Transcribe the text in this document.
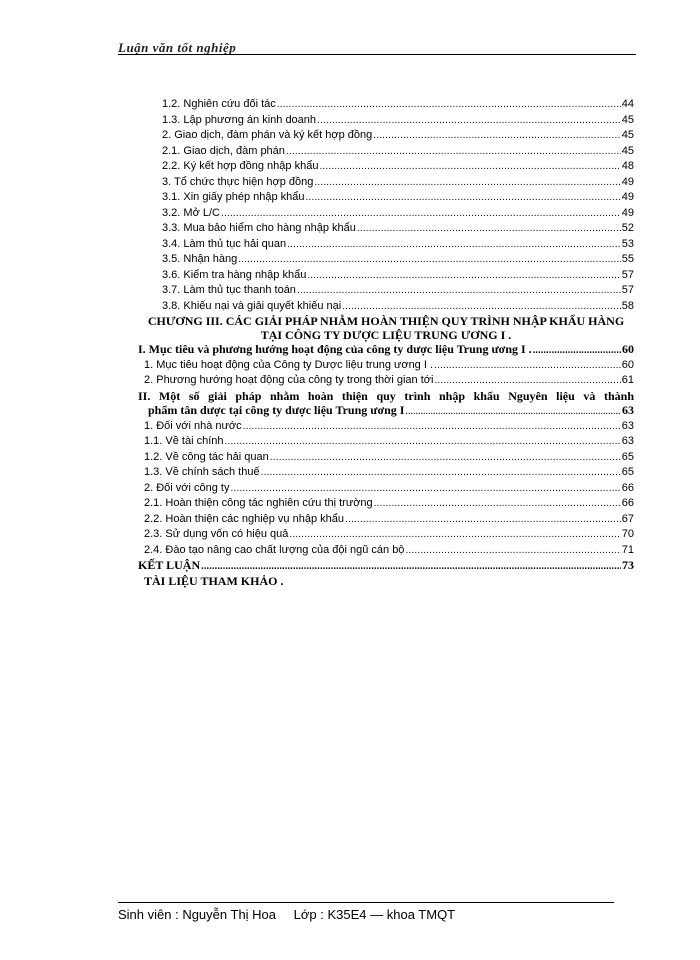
Luận văn tốt nghiệp
1.2. Nghiên cứu đối tác .....	44
1.3. Lập phương án kinh doanh .....	45
2. Giao dịch, đàm phán và ký kết hợp đồng .....	45
2.1. Giao dịch, đàm phán .....	45
2.2. Ký kết hợp đồng nhập khẩu .....	48
3. Tổ chức thực hiện hợp đồng .....	49
3.1. Xin giấy phép nhập khẩu .....	49
3.2. Mở L/C .....	49
3.3. Mua bảo hiểm cho hàng nhập khẩu .....	52
3.4. Làm thủ tục hải quan .....	53
3.5. Nhận hàng .....	55
3.6. Kiểm tra hàng nhập khẩu .....	57
3.7. Làm thủ tục thanh toán .....	57
3.8. Khiếu nại và giải quyết khiếu nại .....	58
CHƯƠNG III. CÁC GIẢI PHÁP NHẰM HOÀN THIỆN QUY TRÌNH NHẬP KHẨU HÀNG TẠI CÔNG TY DƯỢC LIỆU TRUNG ƯƠNG I .
I. Mục tiêu và phương hướng hoạt động của công ty dược liệu Trung ương I . .....	60
1. Mục tiêu hoạt động của Công ty Dược liệu trung ương I . .....	60
2. Phương hướng hoạt động của công ty trong thời gian tới .....	61
II. Một số giải pháp nhằm hoàn thiện quy trình nhập khẩu Nguyên liệu và thành
phẩm tân dược tại công ty dược liệu Trung ương I .....	63
1. Đối với nhà nước .....	63
1.1. Về tài chính .....	63
1.2. Về công tác hải quan .....	65
1.3. Về chính sách thuế .....	65
2. Đối với công ty .....	66
2.1. Hoàn thiện công tác nghiên cứu thị trường .....	66
2.2. Hoàn thiện các nghiệp vụ nhập khẩu .....	67
2.3. Sử dụng vốn có hiệu quả .....	70
2.4. Đào tạo nâng cao chất lượng của đội ngũ cán bộ .....	71
KẾT LUẬN .....	73
TÀI LIỆU THAM KHẢO .
Sinh viên : Nguyễn Thị Hoa Lớp : K35E4 — khoa TMQT
